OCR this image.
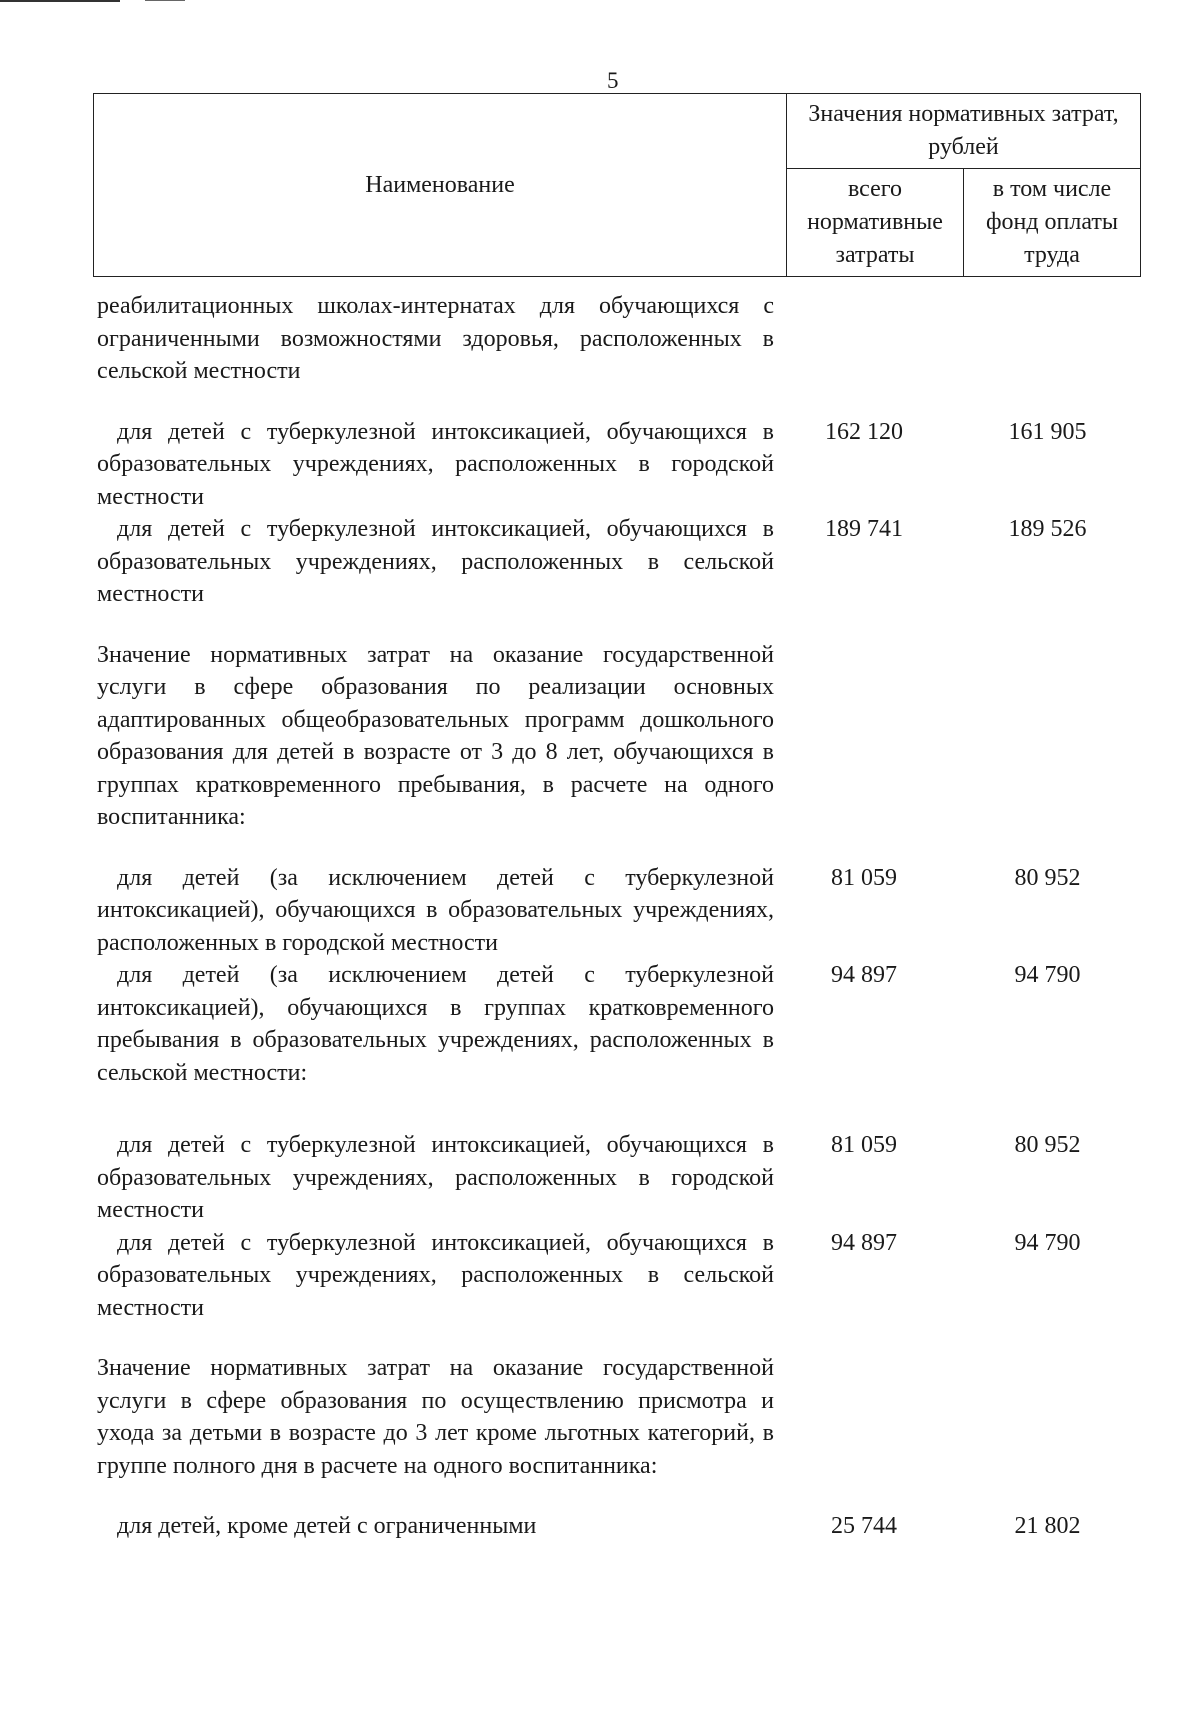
5
Наименование	Значения нормативных затрат, рублей	
	всего нормативные затраты	в том числе фонд оплаты труда
реабилитационных школах-интернатах для обучающихся с ограниченными возможностями здоровья, расположенных в сельской местности		

для детей с туберкулезной интоксикацией, обучающихся в образовательных учреждениях, расположенных в городской местности	162 120	161 905
для детей с туберкулезной интоксикацией, обучающихся в образовательных учреждениях, расположенных в сельской местности	189 741	189 526

Значение нормативных затрат на оказание государственной услуги в сфере образования по реализации основных адаптированных общеобразовательных программ дошкольного образования для детей в возрасте от 3 до 8 лет, обучающихся в группах кратковременного пребывания, в расчете на одного воспитанника:		

для детей (за исключением детей с туберкулезной интоксикацией), обучающихся в образовательных учреждениях, расположенных в городской местности	81 059	80 952
для детей (за исключением детей с туберкулезной интоксикацией), обучающихся в группах кратковременного пребывания в образовательных учреждениях, расположенных в сельской местности:	94 897	94 790

для детей с туберкулезной интоксикацией, обучающихся в образовательных учреждениях, расположенных в городской местности	81 059	80 952
для детей с туберкулезной интоксикацией, обучающихся в образовательных учреждениях, расположенных в сельской местности	94 897	94 790

Значение нормативных затрат на оказание государственной услуги в сфере образования по осуществлению присмотра и ухода за детьми в возрасте до 3 лет кроме льготных категорий, в группе полного дня в расчете на одного воспитанника:		

для детей, кроме детей с ограниченными	25 744	21 802
